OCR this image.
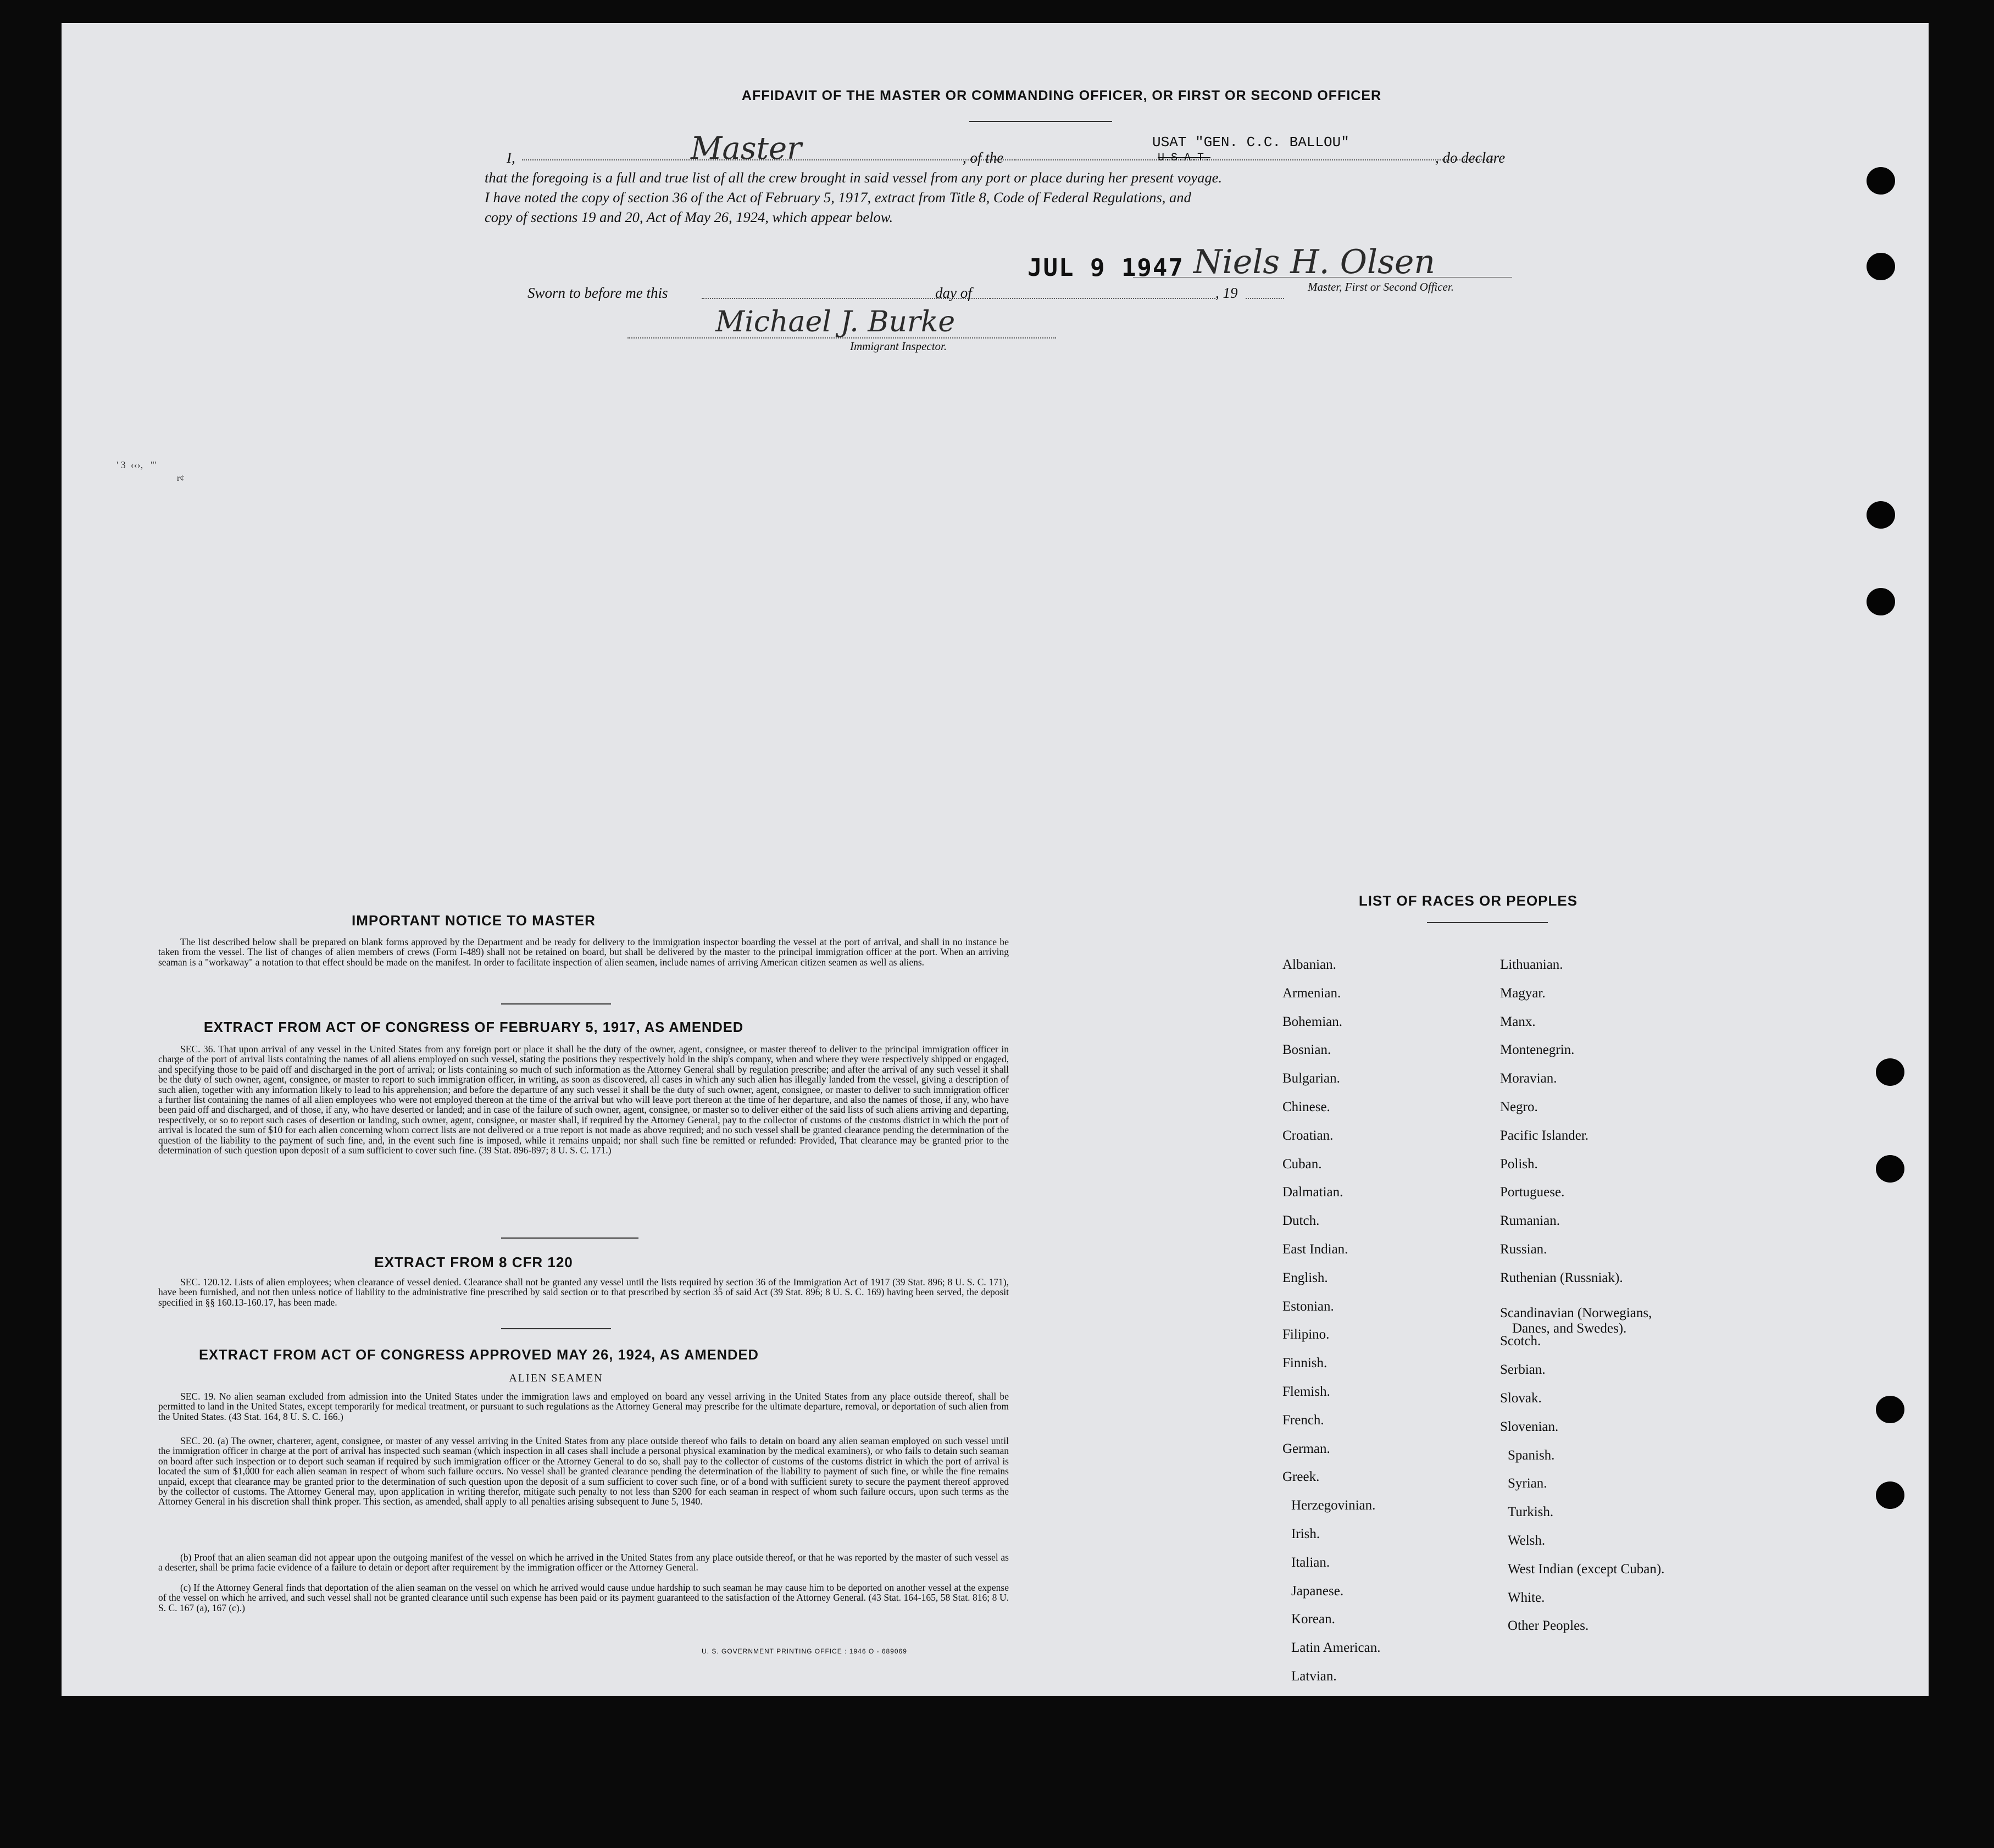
AFFIDAVIT OF THE MASTER OR COMMANDING OFFICER, OR FIRST OR SECOND OFFICER
I,	Master	, of the
USAT "GEN. C.C. BALLOU"
U.S.A.T.	, do declare
that the foregoing is a full and true list of all the crew brought in said vessel from any port or place during her present voyage.
I have noted the copy of section 36 of the Act of February 5, 1917, extract from Title 8, Code of Federal Regulations, and
copy of sections 19 and 20, Act of May 26, 1924, which appear below.
Niels H. Olsen
Master, First or Second Officer.
Sworn to before me this	day of	, 19
JUL 9 1947
Michael J. Burke
Immigrant Inspector.
' 3  ‹‹›,   "'
r¢
IMPORTANT NOTICE TO MASTER
The list described below shall be prepared on blank forms approved by the Department and be ready for delivery to the immigration inspector boarding the vessel at the port of arrival, and shall in no instance be taken from the vessel. The list of changes of alien members of crews (Form I-489) shall not be retained on board, but shall be delivered by the master to the principal immigration officer at the port. When an arriving seaman is a "workaway" a notation to that effect should be made on the manifest. In order to facilitate inspection of alien seamen, include names of arriving American citizen seamen as well as aliens.
EXTRACT FROM ACT OF CONGRESS OF FEBRUARY 5, 1917, AS AMENDED
SEC. 36. That upon arrival of any vessel in the United States from any foreign port or place it shall be the duty of the owner, agent, consignee, or master thereof to deliver to the principal immigration officer in charge of the port of arrival lists containing the names of all aliens employed on such vessel, stating the positions they respectively hold in the ship's company, when and where they were respectively shipped or engaged, and specifying those to be paid off and discharged in the port of arrival; or lists containing so much of such information as the Attorney General shall by regulation prescribe; and after the arrival of any such vessel it shall be the duty of such owner, agent, consignee, or master to report to such immigration officer, in writing, as soon as discovered, all cases in which any such alien has illegally landed from the vessel, giving a description of such alien, together with any information likely to lead to his apprehension; and before the departure of any such vessel it shall be the duty of such owner, agent, consignee, or master to deliver to such immigration officer a further list containing the names of all alien employees who were not employed thereon at the time of the arrival but who will leave port thereon at the time of her departure, and also the names of those, if any, who have been paid off and discharged, and of those, if any, who have deserted or landed; and in case of the failure of such owner, agent, consignee, or master so to deliver either of the said lists of such aliens arriving and departing, respectively, or so to report such cases of desertion or landing, such owner, agent, consignee, or master shall, if required by the Attorney General, pay to the collector of customs of the customs district in which the port of arrival is located the sum of $10 for each alien concerning whom correct lists are not delivered or a true report is not made as above required; and no such vessel shall be granted clearance pending the determination of the question of the liability to the payment of such fine, and, in the event such fine is imposed, while it remains unpaid; nor shall such fine be remitted or refunded: Provided, That clearance may be granted prior to the determination of such question upon deposit of a sum sufficient to cover such fine. (39 Stat. 896-897; 8 U. S. C. 171.)
EXTRACT FROM 8 CFR 120
SEC. 120.12. Lists of alien employees; when clearance of vessel denied. Clearance shall not be granted any vessel until the lists required by section 36 of the Immigration Act of 1917 (39 Stat. 896; 8 U. S. C. 171), have been furnished, and not then unless notice of liability to the administrative fine prescribed by said section or to that prescribed by section 35 of said Act (39 Stat. 896; 8 U. S. C. 169) having been served, the deposit specified in §§ 160.13-160.17, has been made.
EXTRACT FROM ACT OF CONGRESS APPROVED MAY 26, 1924, AS AMENDED
ALIEN SEAMEN
SEC. 19. No alien seaman excluded from admission into the United States under the immigration laws and employed on board any vessel arriving in the United States from any place outside thereof, shall be permitted to land in the United States, except temporarily for medical treatment, or pursuant to such regulations as the Attorney General may prescribe for the ultimate departure, removal, or deportation of such alien from the United States. (43 Stat. 164, 8 U. S. C. 166.)
SEC. 20. (a) The owner, charterer, agent, consignee, or master of any vessel arriving in the United States from any place outside thereof who fails to detain on board any alien seaman employed on such vessel until the immigration officer in charge at the port of arrival has inspected such seaman (which inspection in all cases shall include a personal physical examination by the medical examiners), or who fails to detain such seaman on board after such inspection or to deport such seaman if required by such immigration officer or the Attorney General to do so, shall pay to the collector of customs of the customs district in which the port of arrival is located the sum of $1,000 for each alien seaman in respect of whom such failure occurs. No vessel shall be granted clearance pending the determination of the liability to payment of such fine, or while the fine remains unpaid, except that clearance may be granted prior to the determination of such question upon the deposit of a sum sufficient to cover such fine, or of a bond with sufficient surety to secure the payment thereof approved by the collector of customs. The Attorney General may, upon application in writing therefor, mitigate such penalty to not less than $200 for each seaman in respect of whom such failure occurs, upon such terms as the Attorney General in his discretion shall think proper. This section, as amended, shall apply to all penalties arising subsequent to June 5, 1940.
(b) Proof that an alien seaman did not appear upon the outgoing manifest of the vessel on which he arrived in the United States from any place outside thereof, or that he was reported by the master of such vessel as a deserter, shall be prima facie evidence of a failure to detain or deport after requirement by the immigration officer or the Attorney General.
(c) If the Attorney General finds that deportation of the alien seaman on the vessel on which he arrived would cause undue hardship to such seaman he may cause him to be deported on another vessel at the expense of the vessel on which he arrived, and such vessel shall not be granted clearance until such expense has been paid or its payment guaranteed to the satisfaction of the Attorney General. (43 Stat. 164-165, 58 Stat. 816; 8 U. S. C. 167 (a), 167 (c).)
U. S. GOVERNMENT PRINTING OFFICE : 1946 O - 689069
LIST OF RACES OR PEOPLES
Albanian.
Armenian.
Bohemian.
Bosnian.
Bulgarian.
Chinese.
Croatian.
Cuban.
Dalmatian.
Dutch.
East Indian.
English.
Estonian.
Filipino.
Finnish.
Flemish.
French.
German.
Greek.
Herzegovinian.
Irish.
Italian.
Japanese.
Korean.
Latin American.
Latvian.
Lithuanian.
Magyar.
Manx.
Montenegrin.
Moravian.
Negro.
Pacific Islander.
Polish.
Portuguese.
Rumanian.
Russian.
Ruthenian (Russniak).
Scandinavian (Norwegians,
Danes, and Swedes).
Scotch.
Serbian.
Slovak.
Slovenian.
Spanish.
Syrian.
Turkish.
Welsh.
West Indian (except Cuban).
White.
Other Peoples.
